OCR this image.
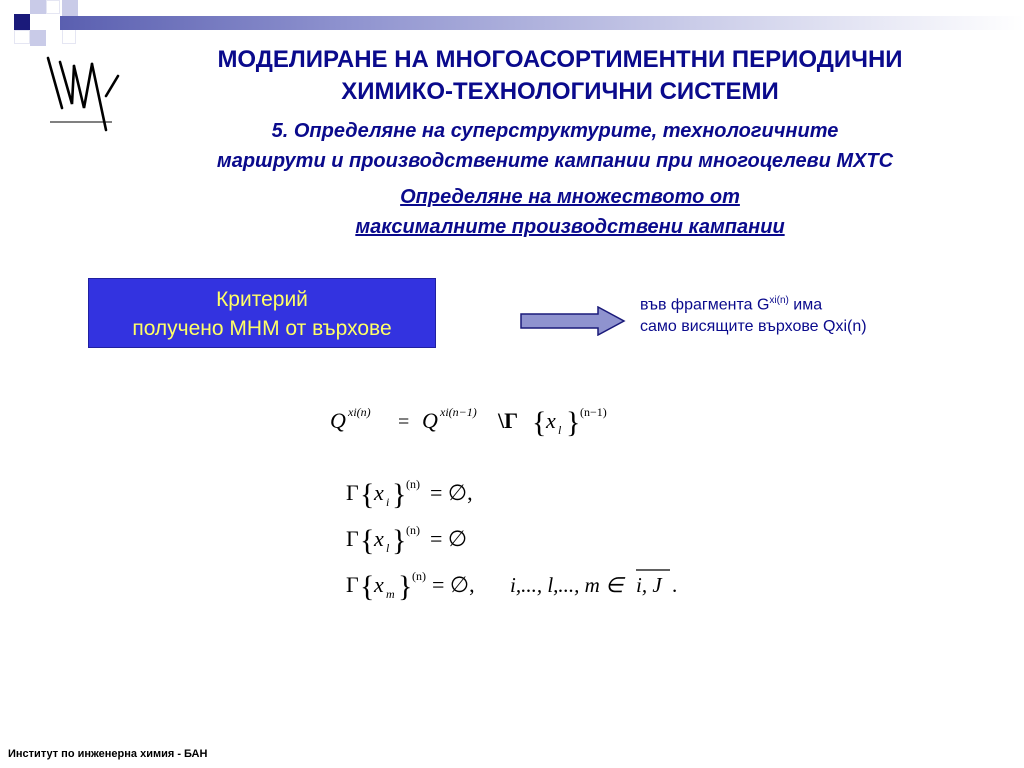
МОДЕЛИРАНЕ НА МНОГОАСОРТИМЕНТНИ ПЕРИОДИЧНИ
ХИМИКО-ТЕХНОЛОГИЧНИ СИСТЕМИ
5. Определяне на суперструктурите, технологичните
маршрути и производствените кампании при многоцелеви МХТС
Определяне на множеството от
максималните производствени кампании
Критерий
получено МНМ от върхове
във фрагмента $G^{xi(n)}$ има
само висящите върхове Qxi(n)
Q xi(n) = Q xi(n−1) \Γ { x l } (n−1)
Γ { x i } (n) = ∅,
Γ { x l } (n) = ∅
Γ { x m } (n) = ∅, i,..., l,..., m ∈ i, J .
Институт по инженерна химия - БАН
